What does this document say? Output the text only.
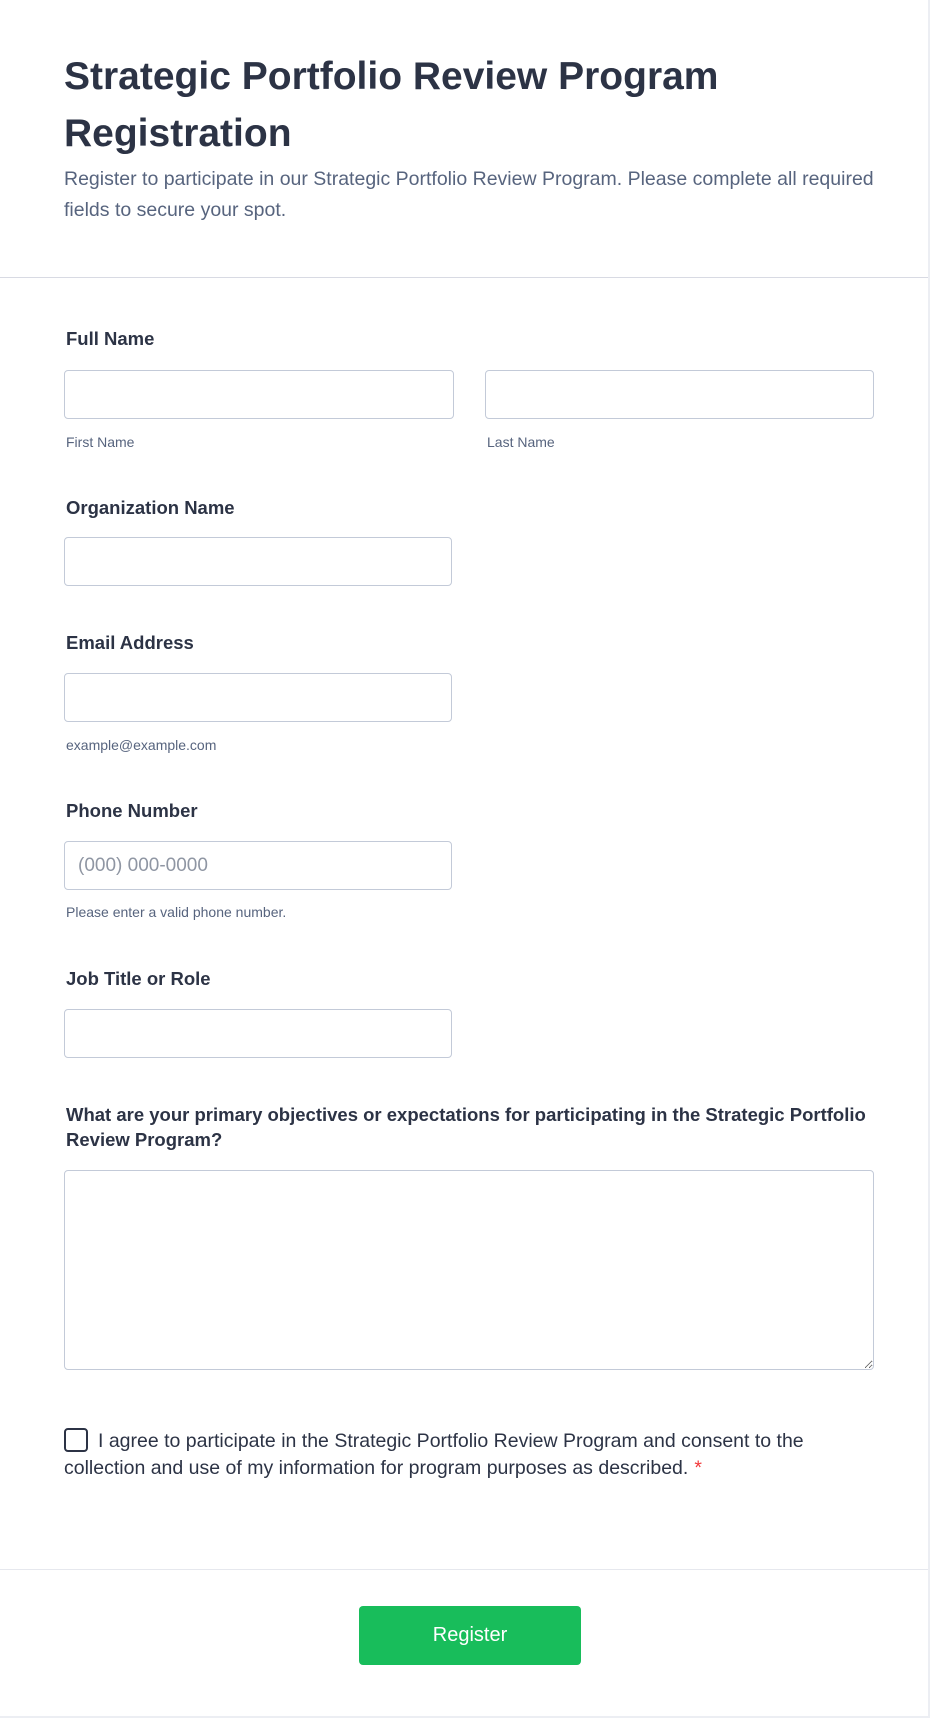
Strategic Portfolio Review Program Registration
Register to participate in our Strategic Portfolio Review Program. Please complete all required fields to secure your spot.
Full Name
First Name	Last Name
Organization Name
Email Address
example@example.com
Phone Number
(000) 000-0000
Please enter a valid phone number.
Job Title or Role
What are your primary objectives or expectations for participating in the Strategic Portfolio Review Program?
I agree to participate in the Strategic Portfolio Review Program and consent to the collection and use of my information for program purposes as described. *
Register
